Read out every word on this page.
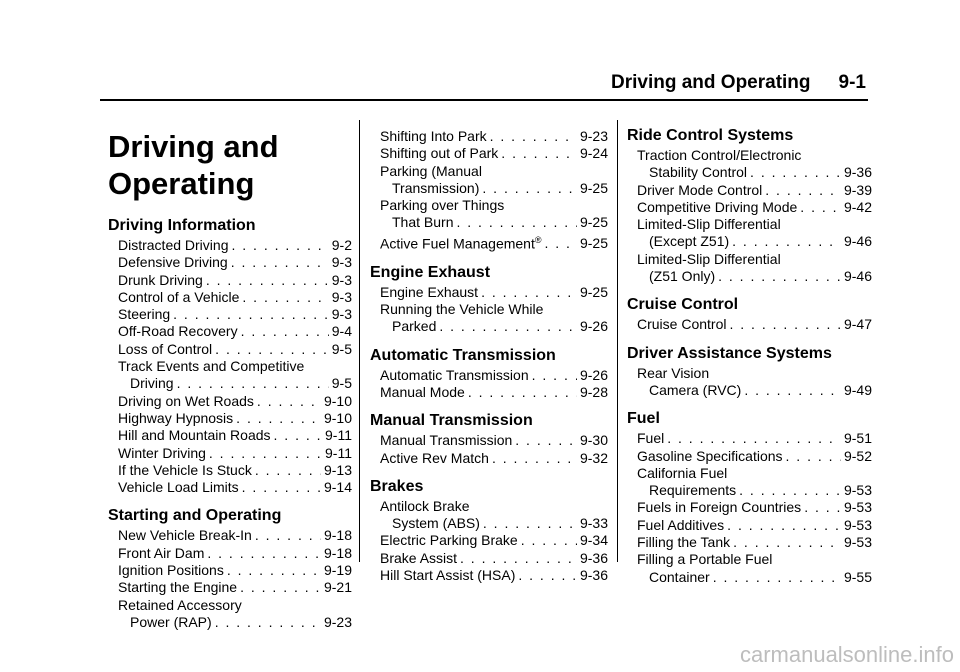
Driving and Operating 9-1
Driving and
Operating
Driving Information
Distracted Driving . . .	9-2
Defensive Driving . . .	9-3
Drunk Driving . . .	9-3
Control of a Vehicle . . .	9-3
Steering . . .	9-3
Off-Road Recovery . . .	9-4
Loss of Control . . .	9-5
Track Events and Competitive
Driving . . .	9-5
Driving on Wet Roads . . .	9-10
Highway Hypnosis . . .	9-10
Hill and Mountain Roads . . .	9-11
Winter Driving . . .	9-11
If the Vehicle Is Stuck . . .	9-13
Vehicle Load Limits . . .	9-14
Starting and Operating
New Vehicle Break-In . . .	9-18
Front Air Dam . . .	9-18
Ignition Positions . . .	9-19
Starting the Engine . . .	9-21
Retained Accessory
Power (RAP) . . .	9-23
Shifting Into Park . . .	9-23
Shifting out of Park . . .	9-24
Parking (Manual
Transmission) . . .	9-25
Parking over Things
That Burn . . .	9-25
Active Fuel Management® . . .	9-25
Engine Exhaust
Engine Exhaust . . .	9-25
Running the Vehicle While
Parked . . .	9-26
Automatic Transmission
Automatic Transmission . . .	9-26
Manual Mode . . .	9-28
Manual Transmission
Manual Transmission . . .	9-30
Active Rev Match . . .	9-32
Brakes
Antilock Brake
System (ABS) . . .	9-33
Electric Parking Brake . . .	9-34
Brake Assist . . .	9-36
Hill Start Assist (HSA) . . .	9-36
Ride Control Systems
Traction Control/Electronic
Stability Control . . .	9-36
Driver Mode Control . . .	9-39
Competitive Driving Mode . . .	9-42
Limited-Slip Differential
(Except Z51) . . .	9-46
Limited-Slip Differential
(Z51 Only) . . .	9-46
Cruise Control
Cruise Control . . .	9-47
Driver Assistance Systems
Rear Vision
Camera (RVC) . . .	9-49
Fuel
Fuel . . .	9-51
Gasoline Specifications . . .	9-52
California Fuel
Requirements . . .	9-53
Fuels in Foreign Countries . . .	9-53
Fuel Additives . . .	9-53
Filling the Tank . . .	9-53
Filling a Portable Fuel
Container . . .	9-55
carmanualsonline.info
